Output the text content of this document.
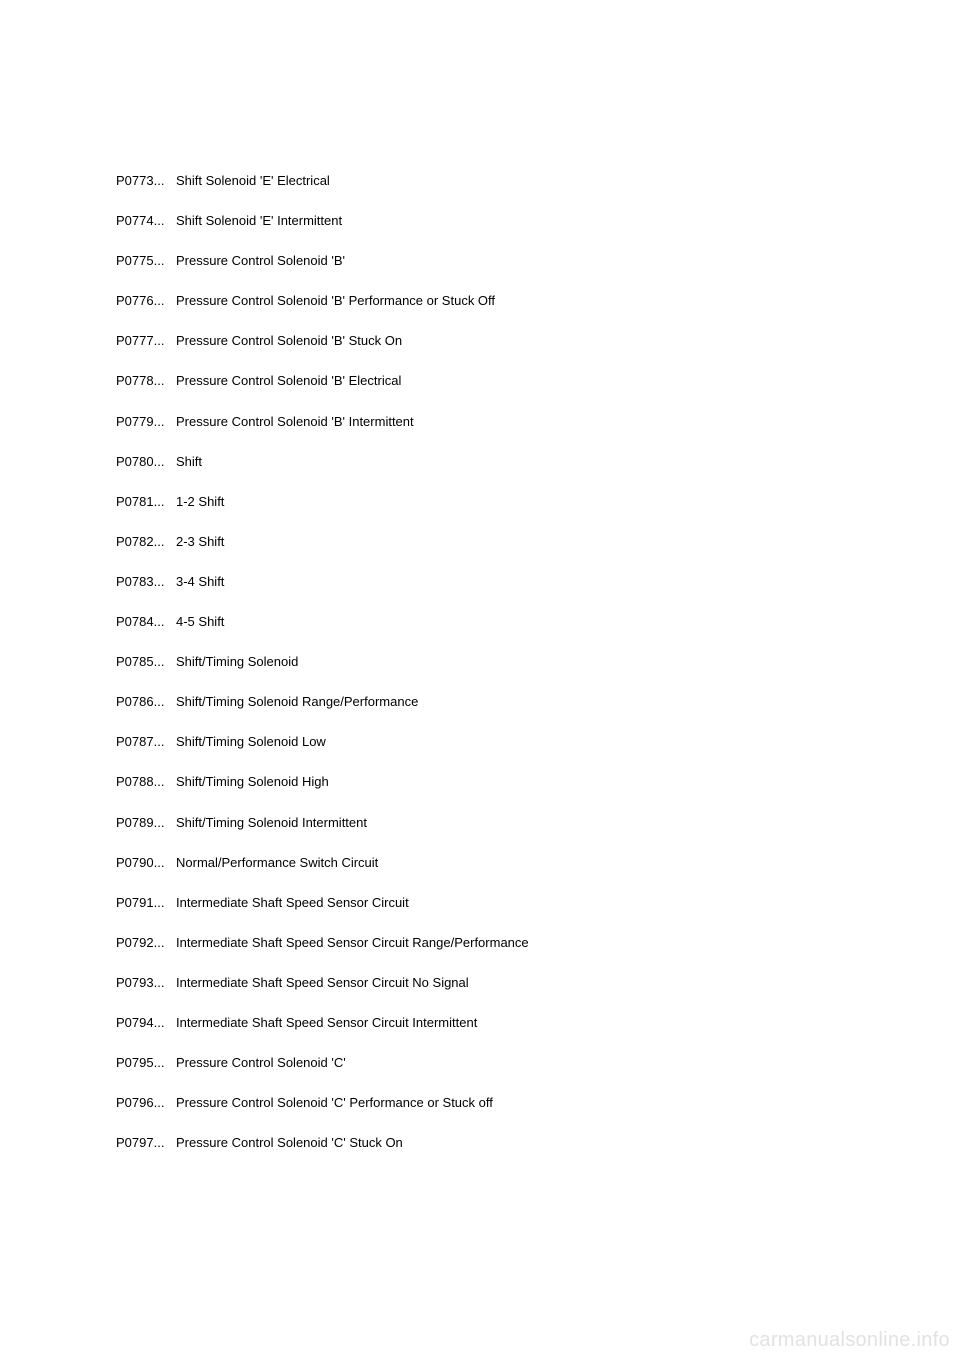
P0773... Shift Solenoid 'E' Electrical
P0774... Shift Solenoid 'E' Intermittent
P0775... Pressure Control Solenoid 'B'
P0776... Pressure Control Solenoid 'B' Performance or Stuck Off
P0777... Pressure Control Solenoid 'B' Stuck On
P0778... Pressure Control Solenoid 'B' Electrical
P0779... Pressure Control Solenoid 'B' Intermittent
P0780... Shift
P0781... 1-2 Shift
P0782... 2-3 Shift
P0783... 3-4 Shift
P0784... 4-5 Shift
P0785... Shift/Timing Solenoid
P0786... Shift/Timing Solenoid Range/Performance
P0787... Shift/Timing Solenoid Low
P0788... Shift/Timing Solenoid High
P0789... Shift/Timing Solenoid Intermittent
P0790... Normal/Performance Switch Circuit
P0791... Intermediate Shaft Speed Sensor Circuit
P0792... Intermediate Shaft Speed Sensor Circuit Range/Performance
P0793... Intermediate Shaft Speed Sensor Circuit No Signal
P0794... Intermediate Shaft Speed Sensor Circuit Intermittent
P0795... Pressure Control Solenoid 'C'
P0796... Pressure Control Solenoid 'C' Performance or Stuck off
P0797... Pressure Control Solenoid 'C' Stuck On
carmanualsonline.info
